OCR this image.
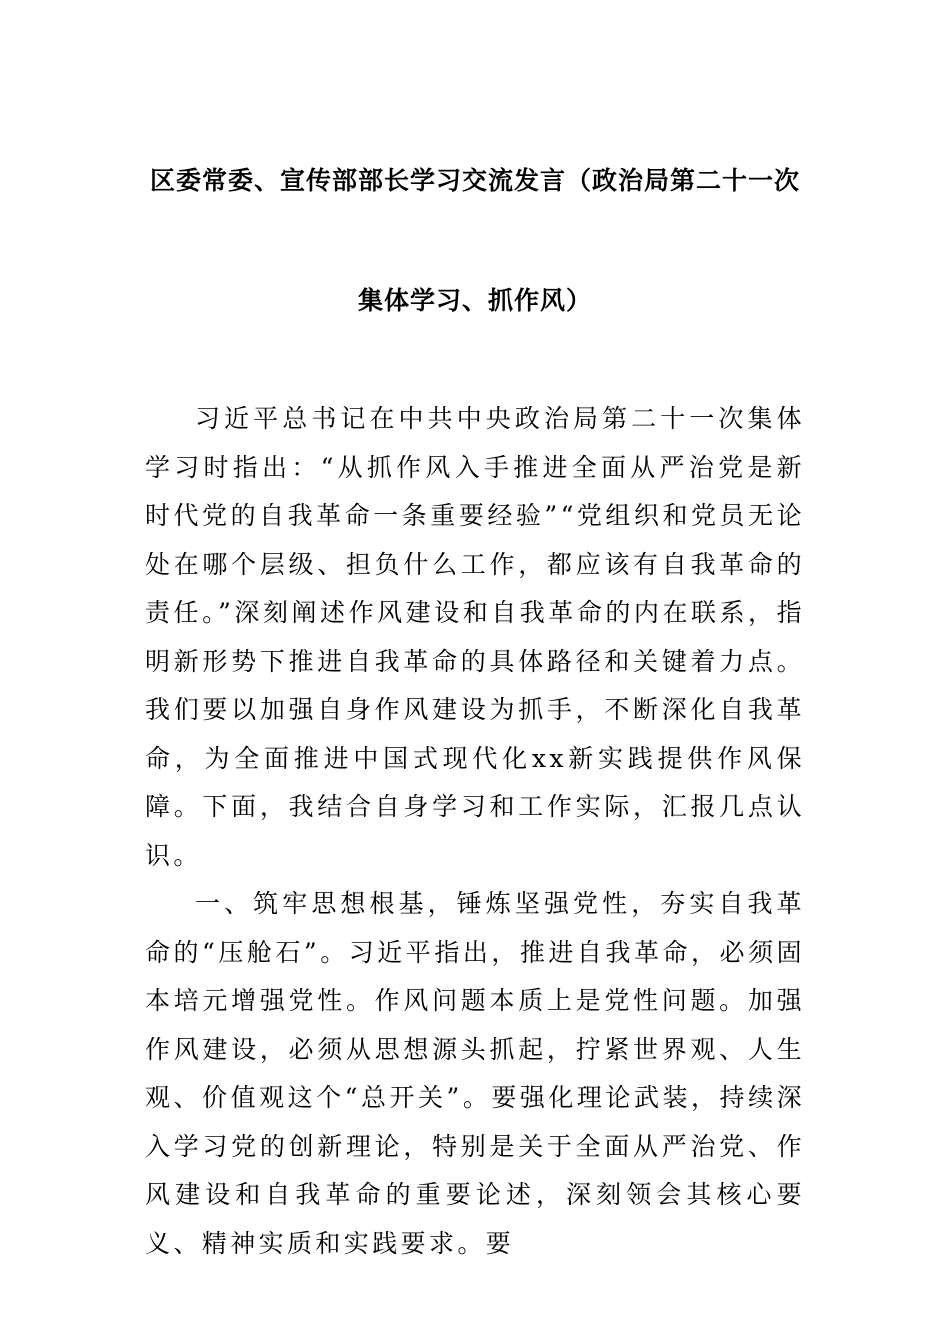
区委常委、宣传部部长学习交流发言（政治局第二十一次
集体学习、抓作风）

习近平总书记在中共中央政治局第二十一次集体学习时指出：“从抓作风入手推进全面从严治党是新时代党的自我革命一条重要经验”“党组织和党员无论处在哪个层级、担负什么工作，都应该有自我革命的责任。”深刻阐述作风建设和自我革命的内在联系，指明新形势下推进自我革命的具体路径和关键着力点。我们要以加强自身作风建设为抓手，不断深化自我革命，为全面推进中国式现代化xx新实践提供作风保障。下面，我结合自身学习和工作实际，汇报几点认识。

一、筑牢思想根基，锤炼坚强党性，夯实自我革命的“压舱石”。习近平指出，推进自我革命，必须固本培元增强党性。作风问题本质上是党性问题。加强作风建设，必须从思想源头抓起，拧紧世界观、人生观、价值观这个“总开关”。要强化理论武装，持续深入学习党的创新理论，特别是关于全面从严治党、作风建设和自我革命的重要论述，深刻领会其核心要义、精神实质和实践要求。要
